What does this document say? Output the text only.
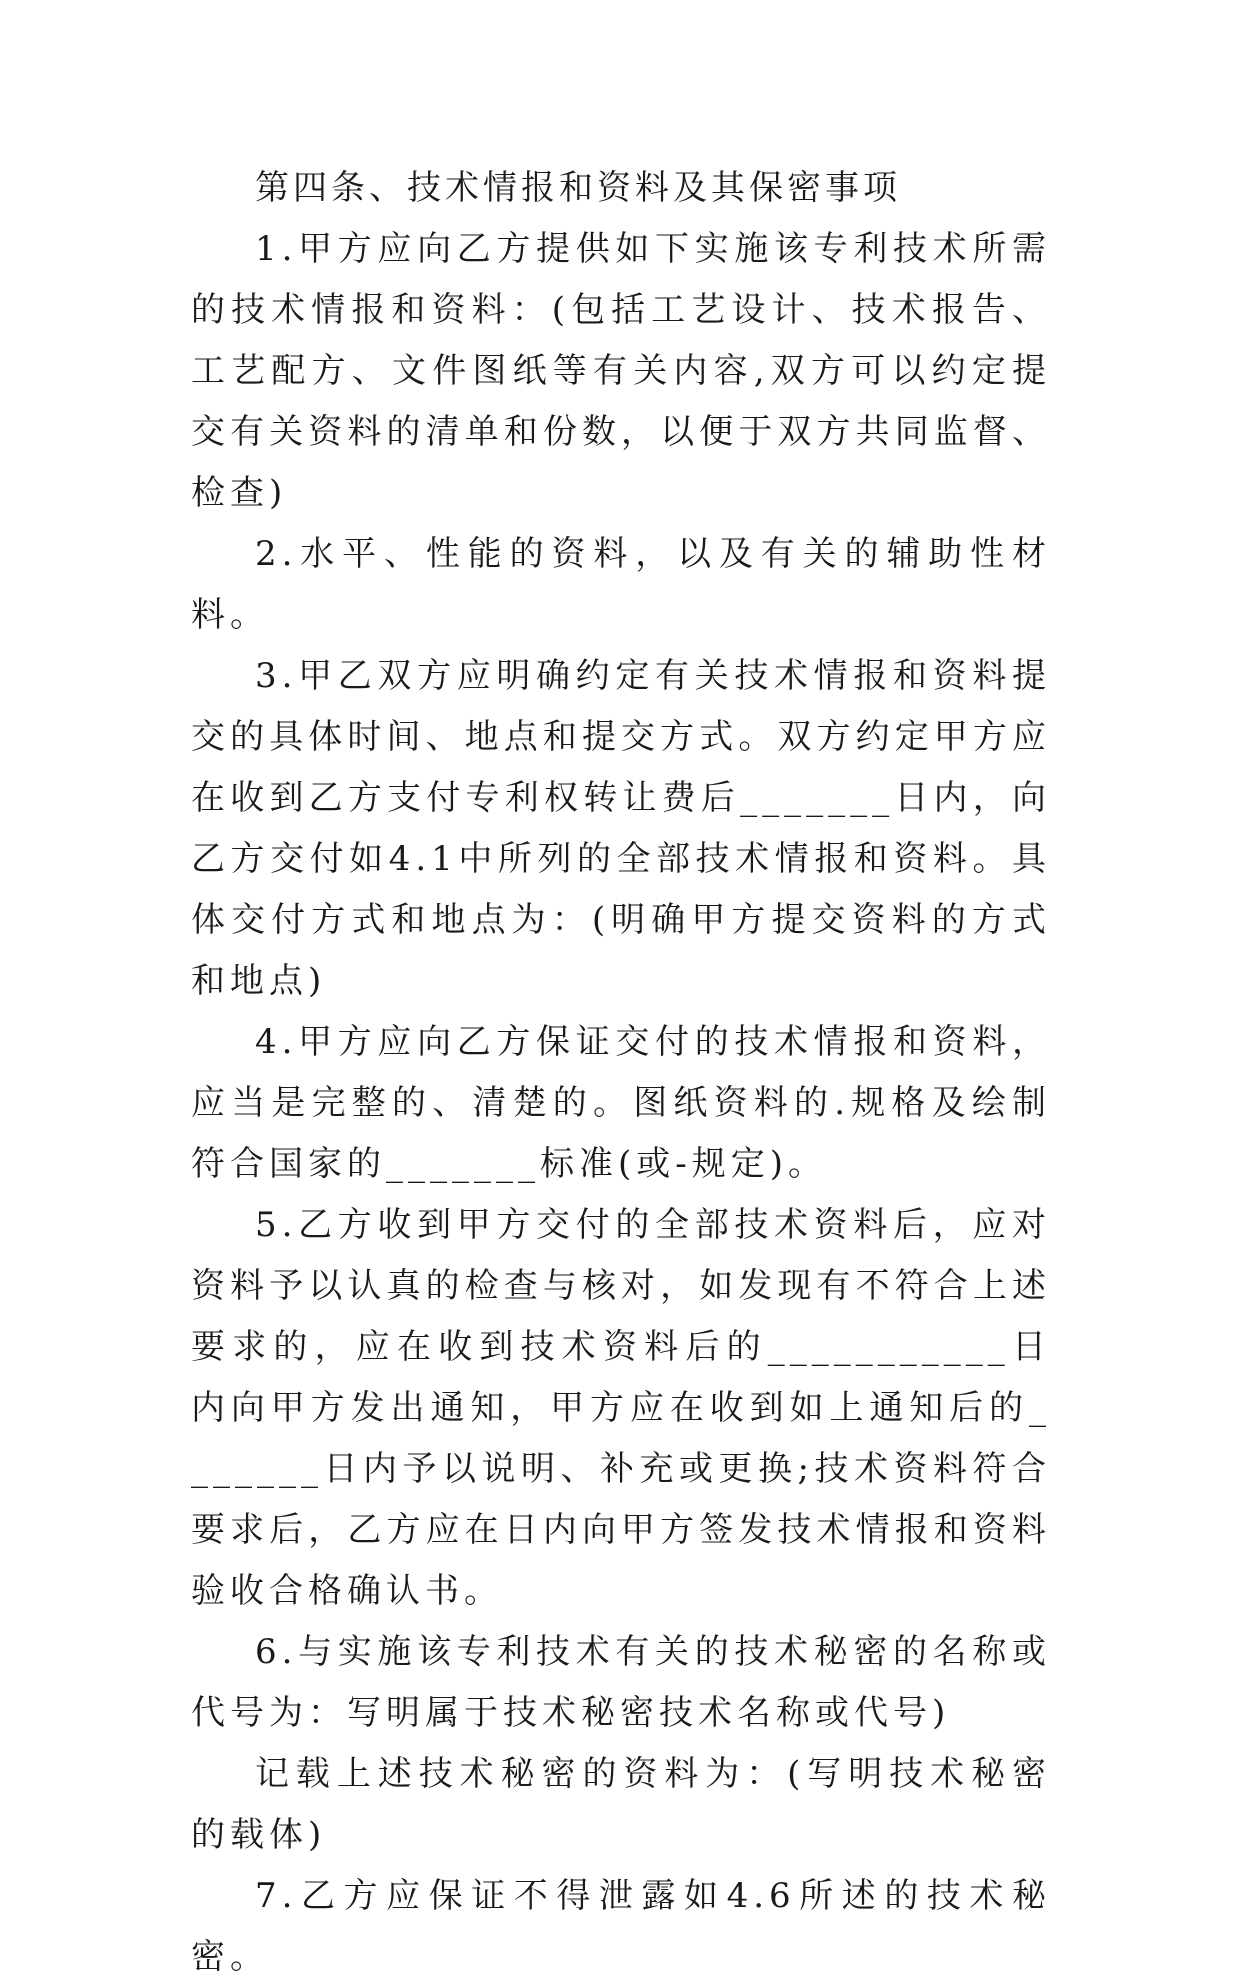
第四条、技术情报和资料及其保密事项

1.甲方应向乙方提供如下实施该专利技术所需的技术情报和资料：(包括工艺设计、技术报告、工艺配方、文件图纸等有关内容,双方可以约定提交有关资料的清单和份数，以便于双方共同监督、检查)

2.水平、性能的资料，以及有关的辅助性材料。

3.甲乙双方应明确约定有关技术情报和资料提交的具体时间、地点和提交方式。双方约定甲方应在收到乙方支付专利权转让费后_______日内，向乙方交付如4.1中所列的全部技术情报和资料。具体交付方式和地点为：(明确甲方提交资料的方式和地点)

4.甲方应向乙方保证交付的技术情报和资料，应当是完整的、清楚的。图纸资料的.规格及绘制符合国家的_______标准(或-规定)。

5.乙方收到甲方交付的全部技术资料后，应对资料予以认真的检查与核对，如发现有不符合上述要求的，应在收到技术资料后的___________日内向甲方发出通知，甲方应在收到如上通知后的_______日内予以说明、补充或更换;技术资料符合要求后，乙方应在日内向甲方签发技术情报和资料验收合格确认书。

6.与实施该专利技术有关的技术秘密的名称或代号为：写明属于技术秘密技术名称或代号)

记载上述技术秘密的资料为：(写明技术秘密的载体)

7.乙方应保证不得泄露如4.6所述的技术秘密。
